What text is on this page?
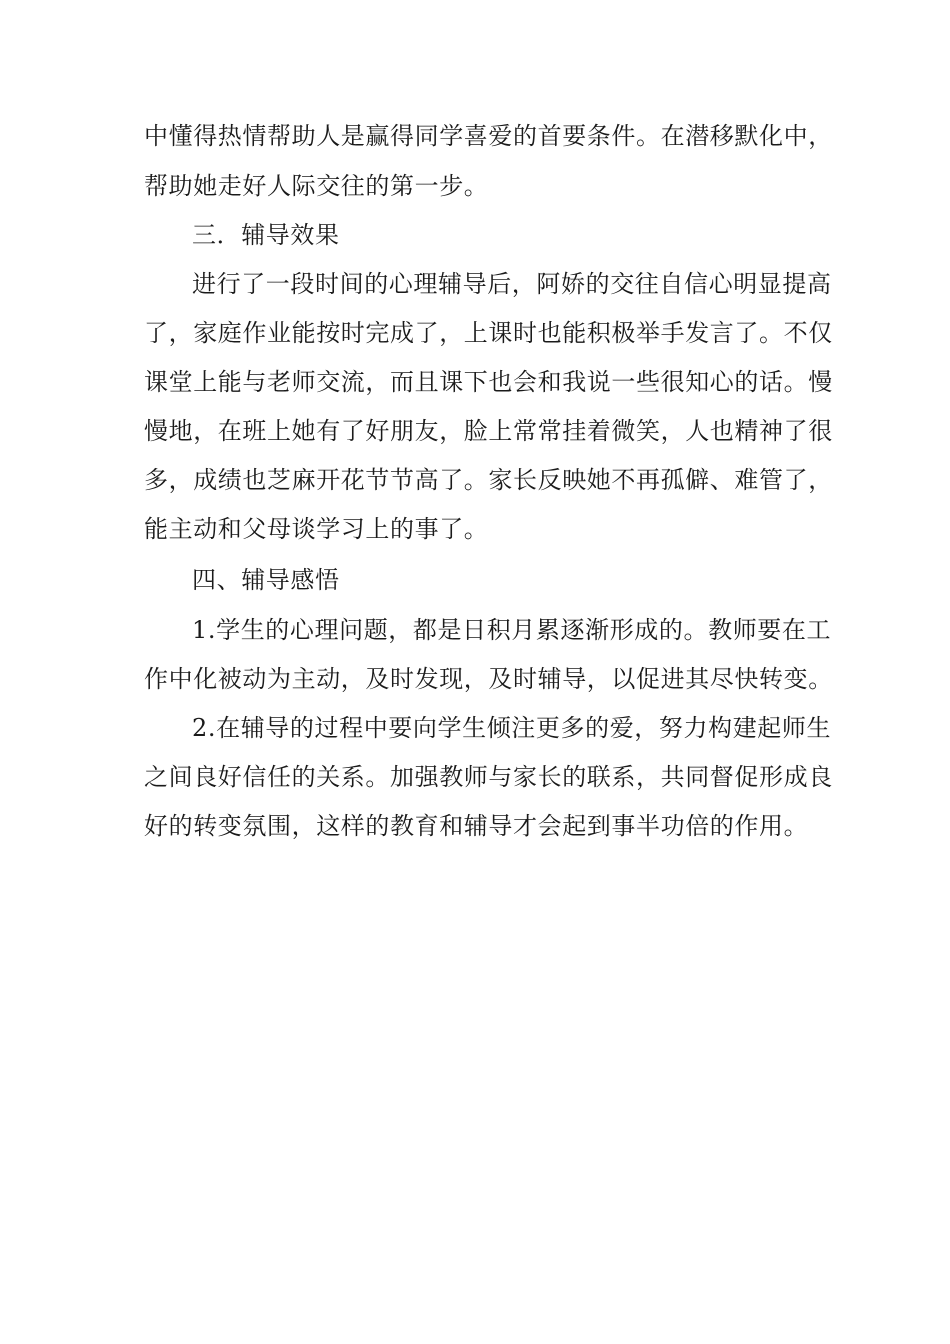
中懂得热情帮助人是赢得同学喜爱的首要条件。在潜移默化中，
帮助她走好人际交往的第一步。
三．辅导效果
进行了一段时间的心理辅导后，阿娇的交往自信心明显提高
了，家庭作业能按时完成了，上课时也能积极举手发言了。不仅
课堂上能与老师交流，而且课下也会和我说一些很知心的话。慢
慢地，在班上她有了好朋友，脸上常常挂着微笑，人也精神了很
多，成绩也芝麻开花节节高了。家长反映她不再孤僻、难管了，
能主动和父母谈学习上的事了。
四、辅导感悟
1.学生的心理问题，都是日积月累逐渐形成的。教师要在工
作中化被动为主动，及时发现，及时辅导，以促进其尽快转变。
2.在辅导的过程中要向学生倾注更多的爱，努力构建起师生
之间良好信任的关系。加强教师与家长的联系，共同督促形成良
好的转变氛围，这样的教育和辅导才会起到事半功倍的作用。
